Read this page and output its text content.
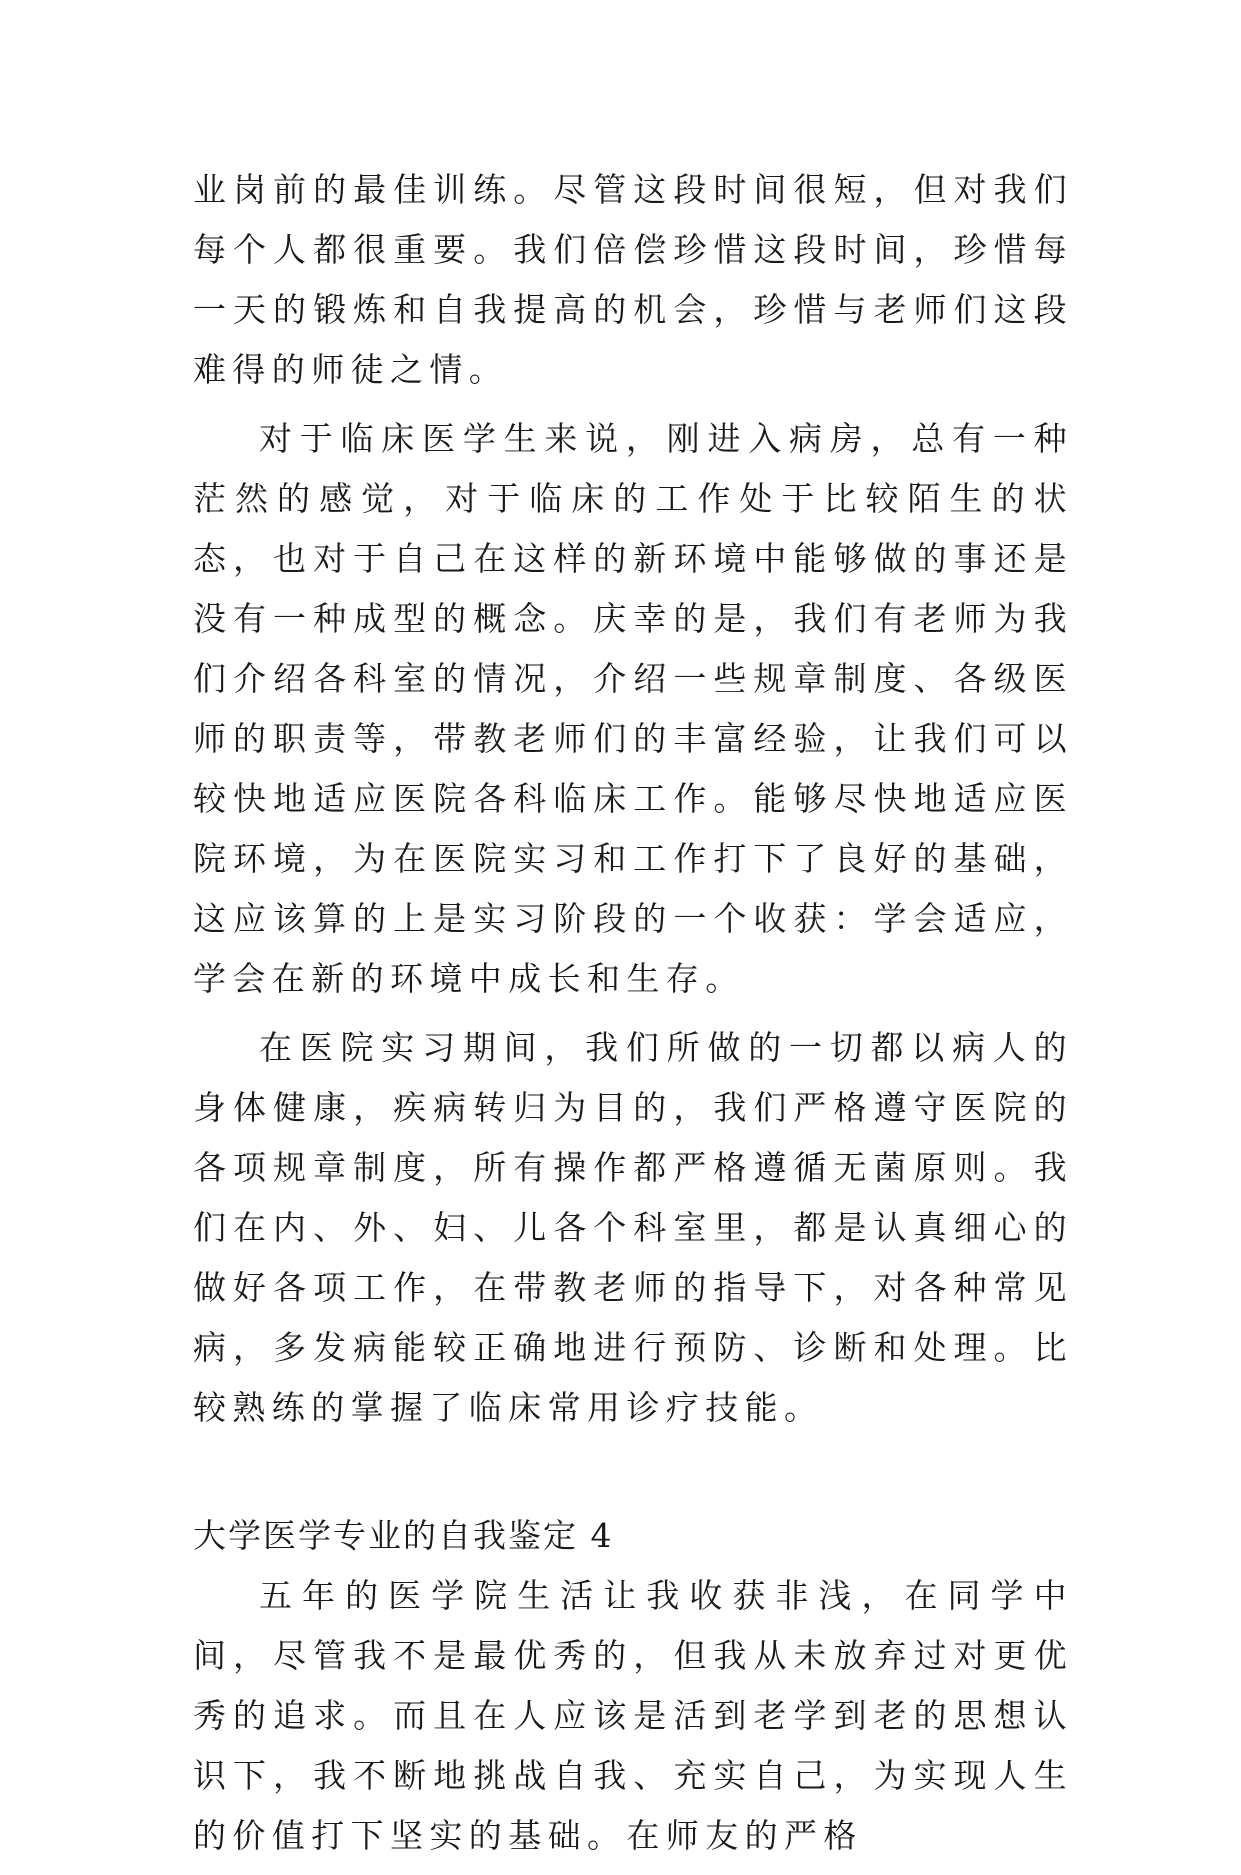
业岗前的最佳训练。尽管这段时间很短，但对我们每个人都很重要。我们倍偿珍惜这段时间，珍惜每一天的锻炼和自我提高的机会，珍惜与老师们这段难得的师徒之情。

对于临床医学生来说，刚进入病房，总有一种茫然的感觉，对于临床的工作处于比较陌生的状态，也对于自己在这样的新环境中能够做的事还是没有一种成型的概念。庆幸的是，我们有老师为我们介绍各科室的情况，介绍一些规章制度、各级医师的职责等，带教老师们的丰富经验，让我们可以较快地适应医院各科临床工作。能够尽快地适应医院环境，为在医院实习和工作打下了良好的基础，这应该算的上是实习阶段的一个收获：学会适应，学会在新的环境中成长和生存。

在医院实习期间，我们所做的一切都以病人的身体健康，疾病转归为目的，我们严格遵守医院的各项规章制度，所有操作都严格遵循无菌原则。我们在内、外、妇、儿各个科室里，都是认真细心的做好各项工作，在带教老师的指导下，对各种常见病，多发病能较正确地进行预防、诊断和处理。比较熟练的掌握了临床常用诊疗技能。

大学医学专业的自我鉴定 4

五年的医学院生活让我收获非浅，在同学中间，尽管我不是最优秀的，但我从未放弃过对更优秀的追求。而且在人应该是活到老学到老的思想认识下，我不断地挑战自我、充实自己，为实现人生的价值打下坚实的基础。在师友的严格
